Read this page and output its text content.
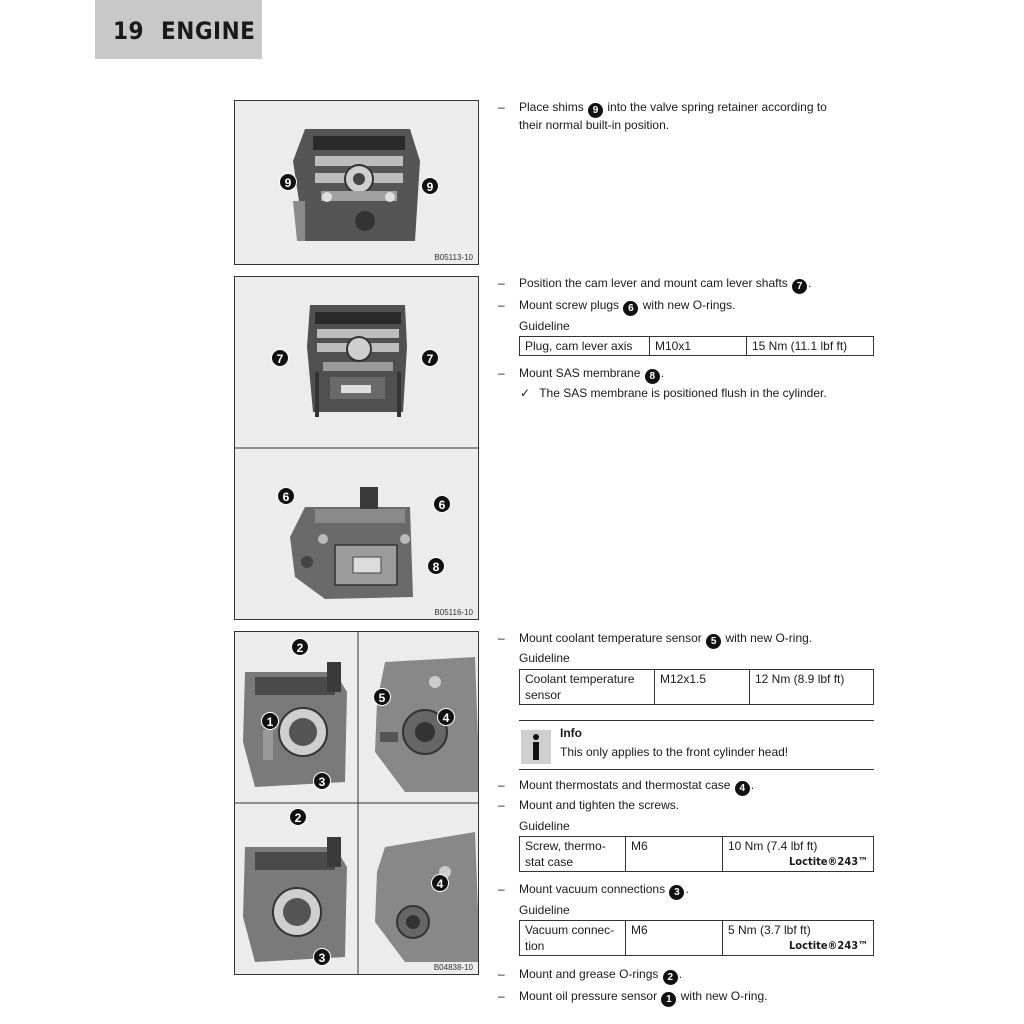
19 ENGINE
9	9
B05113-10
7	7
6
6
8
B05116-10
2
1
3
5
4
2
3
4
B04838-10
– Place shims 9 into the valve spring retainer according to
their normal built-in position.
– Position the cam lever and mount cam lever shafts 7 .
– Mount screw plugs 6 with new O-rings.
Guideline
Plug, cam lever axis	M10x1	15 Nm (11.1 lbf ft)
– Mount SAS membrane 8 .
✓ The SAS membrane is positioned flush in the cylinder.
– Mount coolant temperature sensor 5 with new O-ring.
Guideline
Coolant temperature
sensor	M12x1.5	12 Nm (8.9 lbf ft)
Info
This only applies to the front cylinder head!
– Mount thermostats and thermostat case 4 .
– Mount and tighten the screws.
Guideline
Screw, thermo-
stat case	M6	10 Nm (7.4 lbf ft)
Loctite®243™
– Mount vacuum connections 3 .
Guideline
Vacuum connec-
tion	M6	5 Nm (3.7 lbf ft)
Loctite®243™
– Mount and grease O-rings 2 .
– Mount oil pressure sensor 1 with new O-ring.
